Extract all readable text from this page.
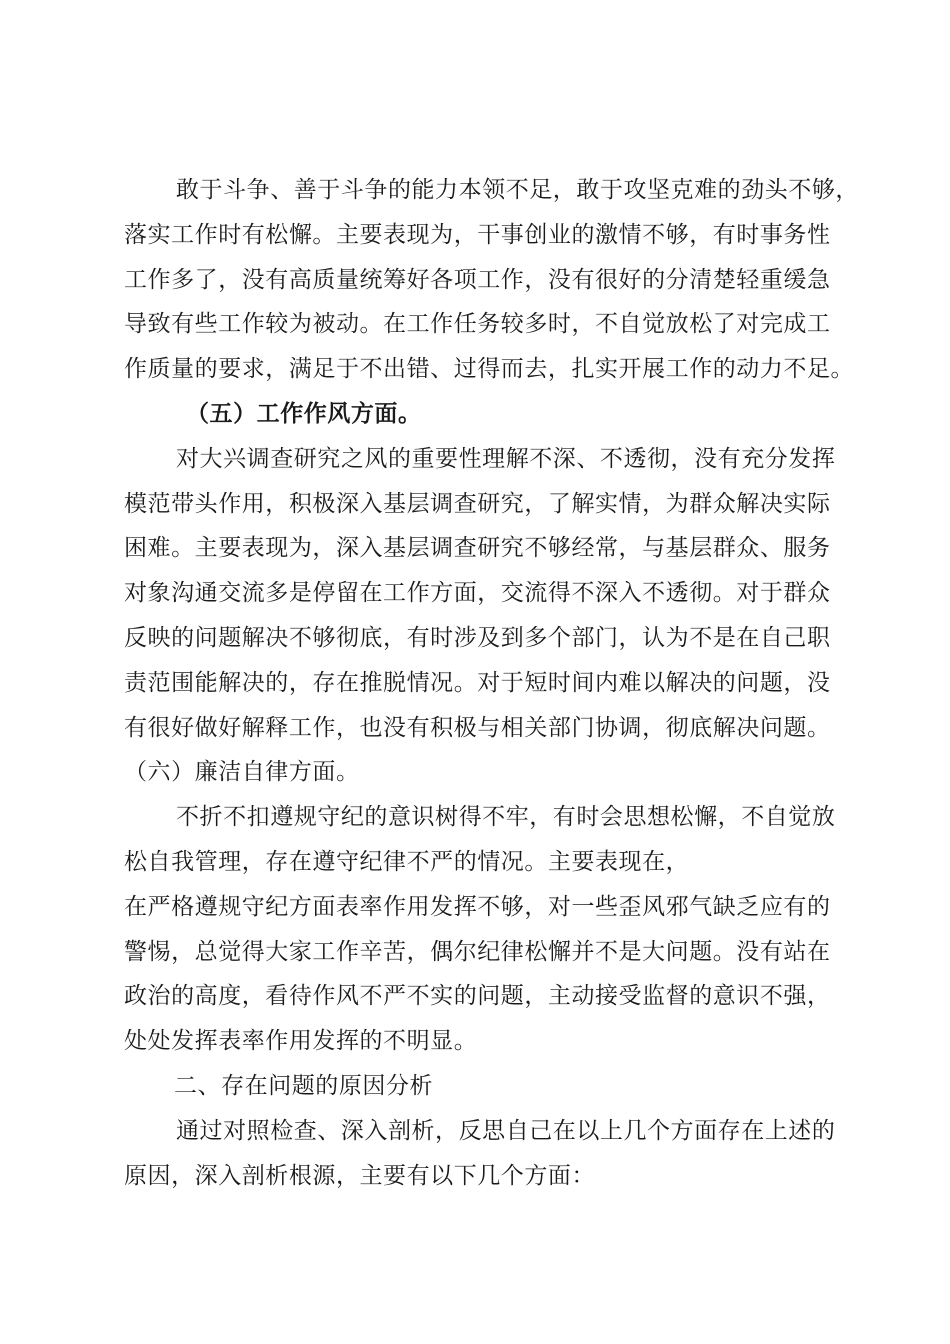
敢于斗争、善于斗争的能力本领不足，敢于攻坚克难的劲头不够，

落实工作时有松懈。主要表现为，干事创业的激情不够，有时事务性

工作多了，没有高质量统筹好各项工作，没有很好的分清楚轻重缓急

导致有些工作较为被动。在工作任务较多时，不自觉放松了对完成工

作质量的要求，满足于不出错、过得而去，扎实开展工作的动力不足。

（五）工作作风方面。

对大兴调查研究之风的重要性理解不深、不透彻，没有充分发挥

模范带头作用，积极深入基层调查研究，了解实情，为群众解决实际

困难。主要表现为，深入基层调查研究不够经常，与基层群众、服务

对象沟通交流多是停留在工作方面，交流得不深入不透彻。对于群众

反映的问题解决不够彻底，有时涉及到多个部门，认为不是在自己职

责范围能解决的，存在推脱情况。对于短时间内难以解决的问题，没

有很好做好解释工作，也没有积极与相关部门协调，彻底解决问题。

（六）廉洁自律方面。

不折不扣遵规守纪的意识树得不牢，有时会思想松懈，不自觉放

松自我管理，存在遵守纪律不严的情况。主要表现在，

在严格遵规守纪方面表率作用发挥不够，对一些歪风邪气缺乏应有的

警惕，总觉得大家工作辛苦，偶尔纪律松懈并不是大问题。没有站在

政治的高度，看待作风不严不实的问题，主动接受监督的意识不强，

处处发挥表率作用发挥的不明显。

二、存在问题的原因分析

通过对照检查、深入剖析，反思自己在以上几个方面存在上述的

原因，深入剖析根源，主要有以下几个方面：
